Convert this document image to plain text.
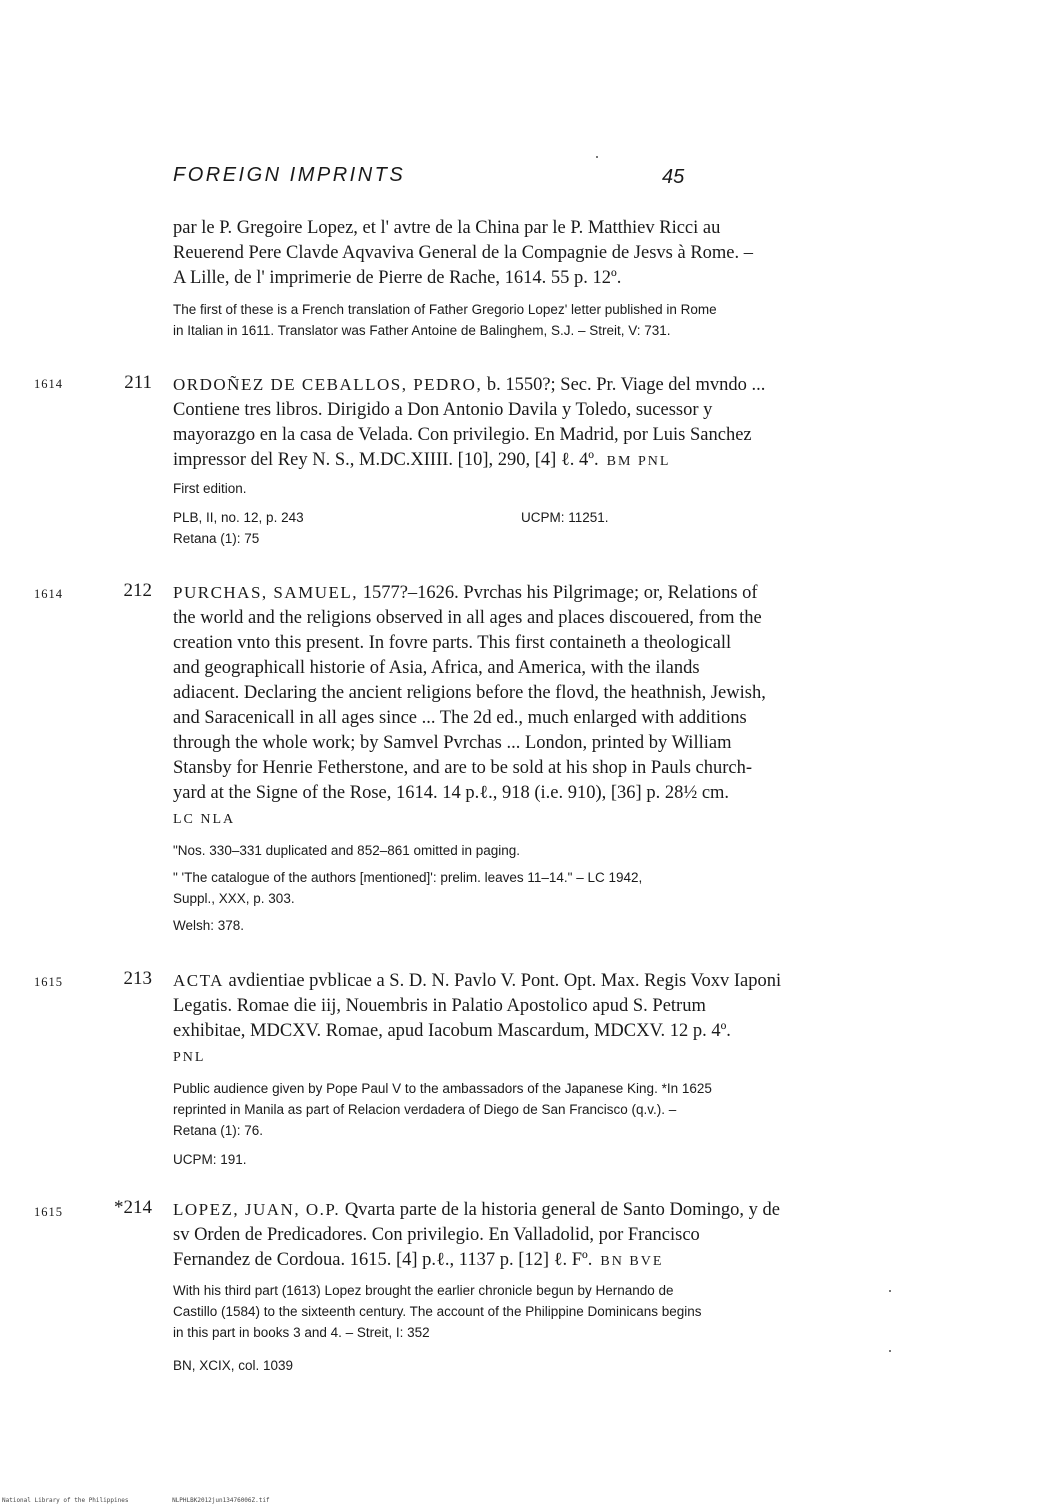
FOREIGN IMPRINTS	45

par le P. Gregoire Lopez, et l' avtre de la China par le P. Matthiev Ricci au

Reuerend Pere Clavde Aqvaviva General de la Compagnie de Jesvs à Rome. –

A Lille, de l' imprimerie de Pierre de Rache, 1614. 55 p. 12º.

The first of these is a French translation of Father Gregorio Lopez' letter published in Rome

in Italian in 1611. Translator was Father Antoine de Balinghem, S.J. – Streit, V: 731.

1614	211 ORDOÑEZ DE CEBALLOS, PEDRO, b. 1550?; Sec. Pr. Viage del mvndo ...

Contiene tres libros. Dirigido a Don Antonio Davila y Toledo, sucessor y

mayorazgo en la casa de Velada. Con privilegio. En Madrid, por Luis Sanchez

impressor del Rey N. S., M.DC.XIIII. [10], 290, [4] ℓ. 4º. BM PNL

First edition.

PLB, II, no. 12, p. 243	UCPM: 11251.
Retana (1): 75
1614	212 PURCHAS, SAMUEL, 1577?–1626. Pvrchas his Pilgrimage; or, Relations of

the world and the religions observed in all ages and places discouered, from the

creation vnto this present. In fovre parts. This first containeth a theologicall

and geographicall historie of Asia, Africa, and America, with the ilands

adiacent. Declaring the ancient religions before the flovd, the heathnish, Jewish,

and Saracenicall in all ages since ... The 2d ed., much enlarged with additions

through the whole work; by Samvel Pvrchas ... London, printed by William

Stansby for Henrie Fetherstone, and are to be sold at his shop in Pauls church-

yard at the Signe of the Rose, 1614. 14 p.ℓ., 918 (i.e. 910), [36] p. 28½ cm.

LC NLA

"Nos. 330–331 duplicated and 852–861 omitted in paging.

" 'The catalogue of the authors [mentioned]': prelim. leaves 11–14." – LC 1942,

Suppl., XXX, p. 303.

Welsh: 378.

1615	213 ACTA avdientiae pvblicae a S. D. N. Pavlo V. Pont. Opt. Max. Regis Voxv Iaponi

Legatis. Romae die iij, Nouembris in Palatio Apostolico apud S. Petrum

exhibitae, MDCXV. Romae, apud Iacobum Mascardum, MDCXV. 12 p. 4º.

PNL

Public audience given by Pope Paul V to the ambassadors of the Japanese King. *In 1625

reprinted in Manila as part of Relacion verdadera of Diego de San Francisco (q.v.). –

Retana (1): 76.

UCPM: 191.

1615	*214 LOPEZ, JUAN, O.P. Qvarta parte de la historia general de Santo Domingo, y de

sv Orden de Predicadores. Con privilegio. En Valladolid, por Francisco

Fernandez de Cordoua. 1615. [4] p.ℓ., 1137 p. [12] ℓ. Fº. BN BVE

With his third part (1613) Lopez brought the earlier chronicle begun by Hernando de

Castillo (1584) to the sixteenth century. The account of the Philippine Dominicans begins

in this part in books 3 and 4. – Streit, I: 352

BN, XCIX, col. 1039

National Library of the Philippines	NLPHLBK2012jun13476006Z.tif
